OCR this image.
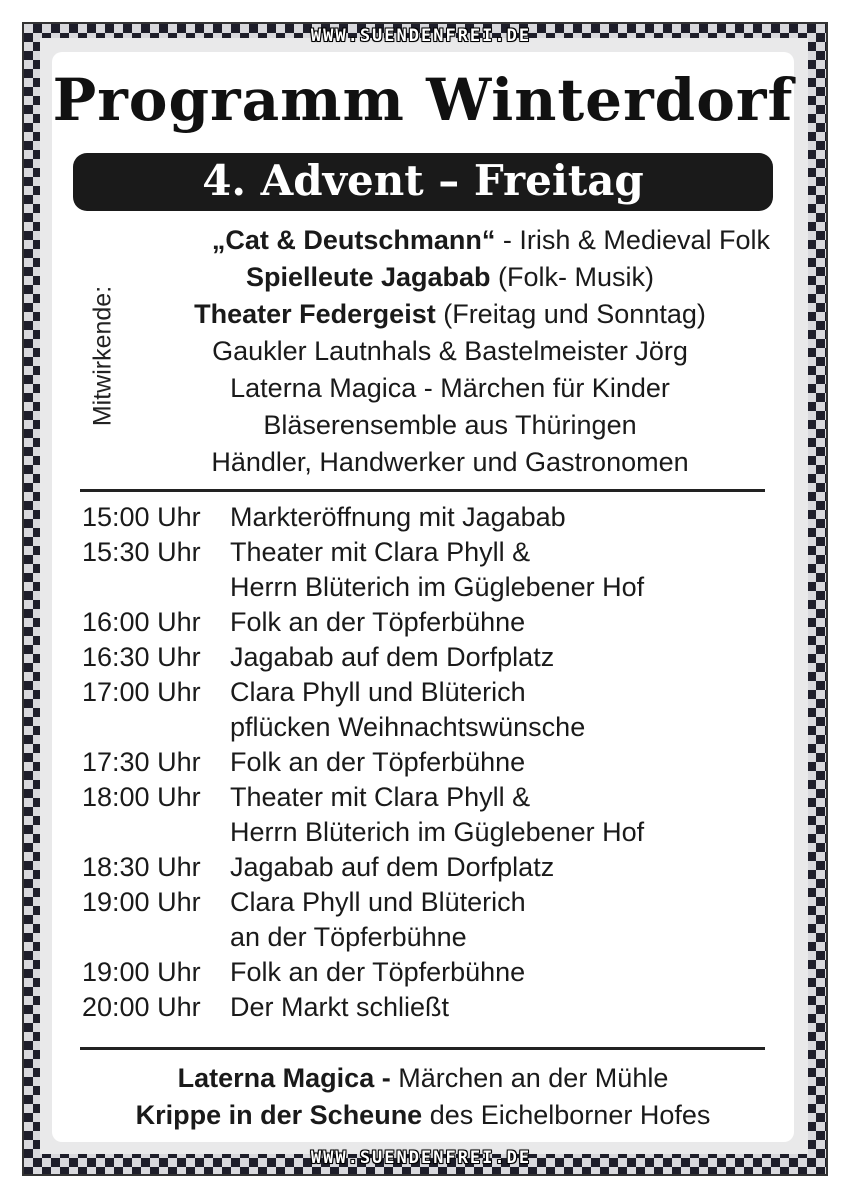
WWW.SUENDENFREI.DE
WWW.SUENDENFREI.DE
Programm Winterdorf
4. Advent – Freitag
Mitwirkende:
„Cat & Deutschmann“ - Irish & Medieval Folk
Spielleute Jagabab (Folk- Musik)
Theater Federgeist (Freitag und Sonntag)
Gaukler Lautnhals & Bastelmeister Jörg
Laterna Magica - Märchen für Kinder
Bläserensemble aus Thüringen
Händler, Handwerker und Gastronomen
15:00 Uhr	Markteröffnung mit Jagabab
15:30 Uhr	Theater mit Clara Phyll &
Herrn Blüterich im Güglebener Hof
16:00 Uhr	Folk an der Töpferbühne
16:30 Uhr	Jagabab auf dem Dorfplatz
17:00 Uhr	Clara Phyll und Blüterich
pflücken Weihnachtswünsche
17:30 Uhr	Folk an der Töpferbühne
18:00 Uhr	Theater mit Clara Phyll &
Herrn Blüterich im Güglebener Hof
18:30 Uhr	Jagabab auf dem Dorfplatz
19:00 Uhr	Clara Phyll und Blüterich
an der Töpferbühne
19:00 Uhr	Folk an der Töpferbühne
20:00 Uhr	Der Markt schließt
Laterna Magica - Märchen an der Mühle
Krippe in der Scheune des Eichelborner Hofes
